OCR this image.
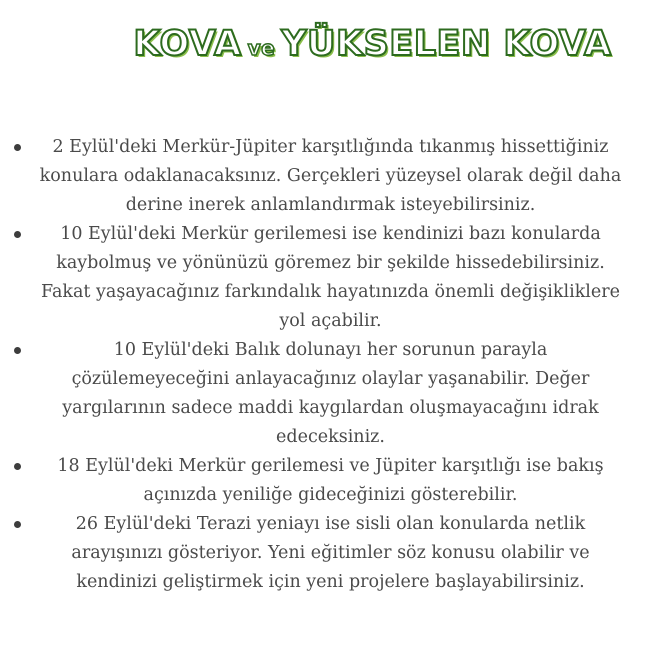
KOVA ve YÜKSELEN KOVA
2 Eylül'deki Merkür-Jüpiter karşıtlığında tıkanmış hissettiğiniz konulara odaklanacaksınız. Gerçekleri yüzeysel olarak değil daha derine inerek anlamlandırmak isteyebilirsiniz.
10 Eylül'deki Merkür gerilemesi ise kendinizi bazı konularda kaybolmuş ve yönünüzü göremez bir şekilde hissedebilirsiniz. Fakat yaşayacağınız farkındalık hayatınızda önemli değişikliklere yol açabilir.
10 Eylül'deki Balık dolunayı her sorunun parayla çözülemeyeceğini anlayacağınız olaylar yaşanabilir. Değer yargılarının sadece maddi kaygılardan oluşmayacağını idrak edeceksiniz.
18 Eylül'deki Merkür gerilemesi ve Jüpiter karşıtlığı ise bakış açınızda yeniliğe gideceğinizi gösterebilir.
26 Eylül'deki Terazi yeniayı ise sisli olan konularda netlik arayışınızı gösteriyor. Yeni eğitimler söz konusu olabilir ve kendinizi geliştirmek için yeni projelere başlayabilirsiniz.
